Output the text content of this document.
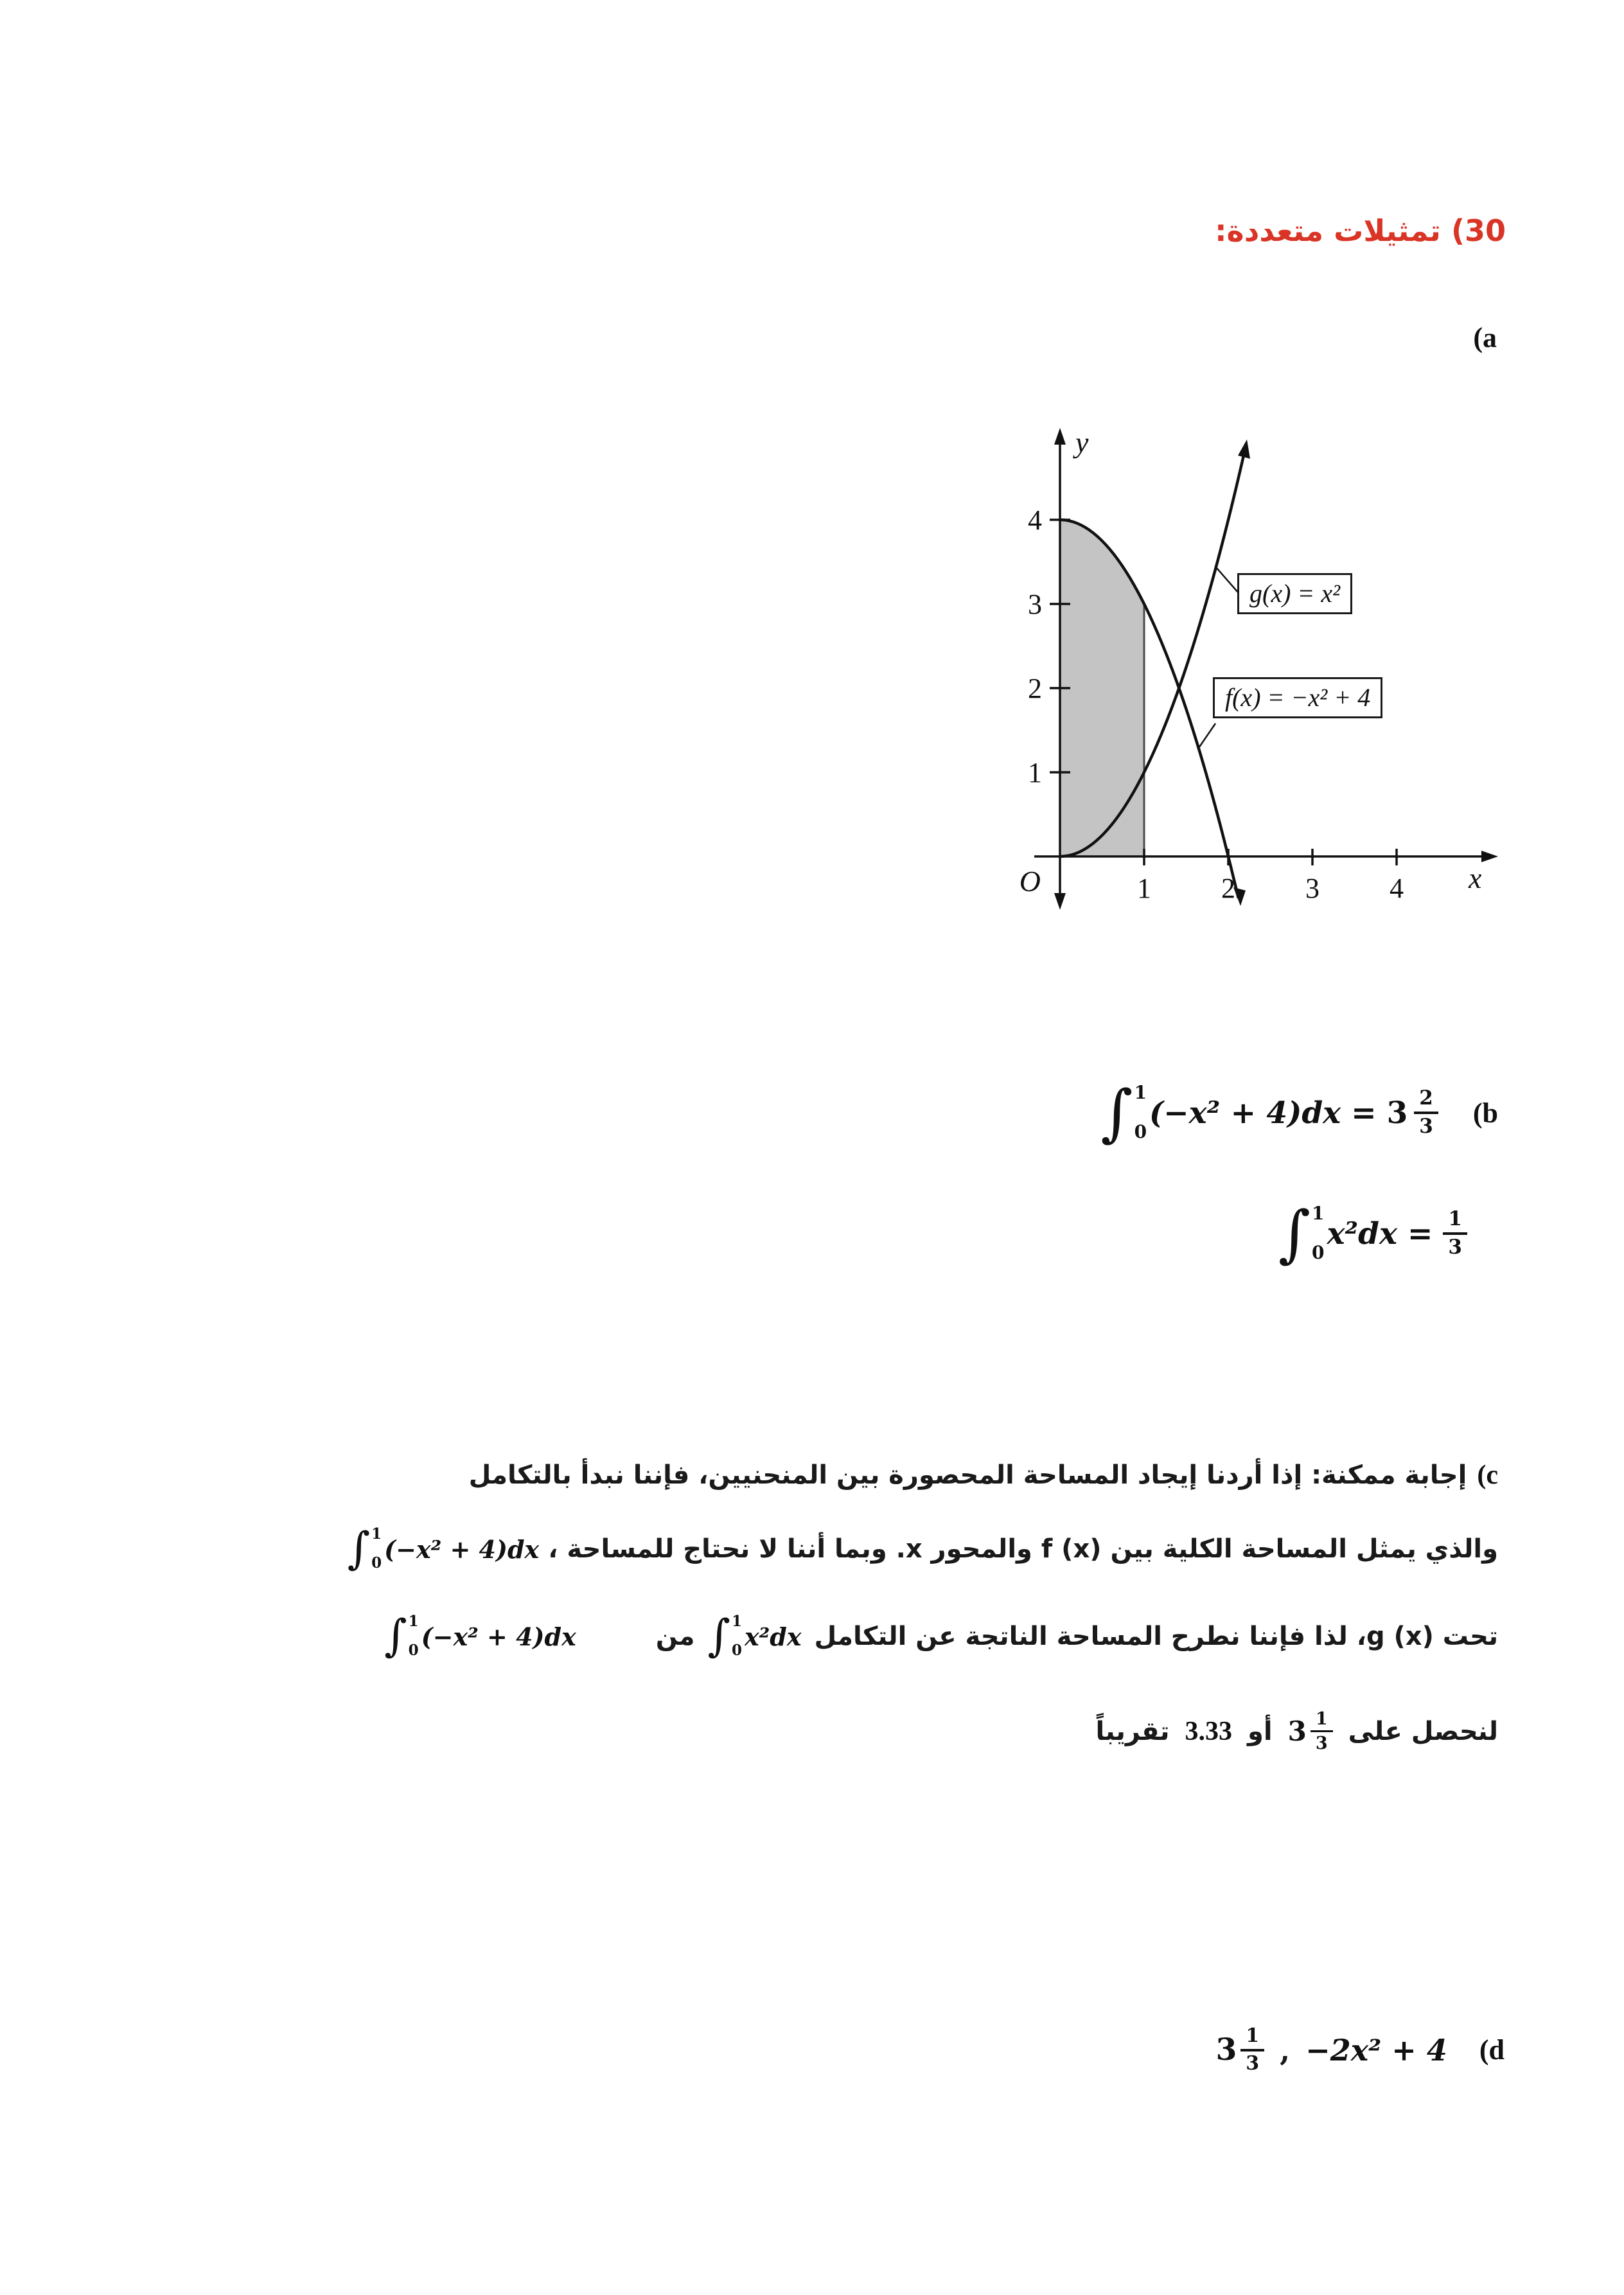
30) تمثيلات متعددة:
(a
4
3
2
1
1 2 3 4
O
y
x
g(x) = x²
f(x) = −x² + 4
∫ 1
0
$(-x^2 + 4)dx = 3 \frac{2}{3} (b$
∫ 1
0
$x^2dx = \frac{1}{3}$
إجابة ممكنة: إذا أردنا إيجاد المساحة المحصورة بين المنحنيين، فإننا نبدأ بالتكامل (c
∫ 1
0 (−x² + 4)dx ، والذي يمثل المساحة الكلية بين f (x) والمحور x. وبما أننا لا نحتاج للمساحة
∫ 1
0 (−x² + 4)dx	من ∫ 1
0 x²dx تحت g (x)، لذا فإننا نطرح المساحة الناتجة عن التكامل
تقريباً 3.33 أو $3 \frac{1}{3}$ لنحصل على
$3 \frac{1}{3}$ , −2x² + 4 (d
